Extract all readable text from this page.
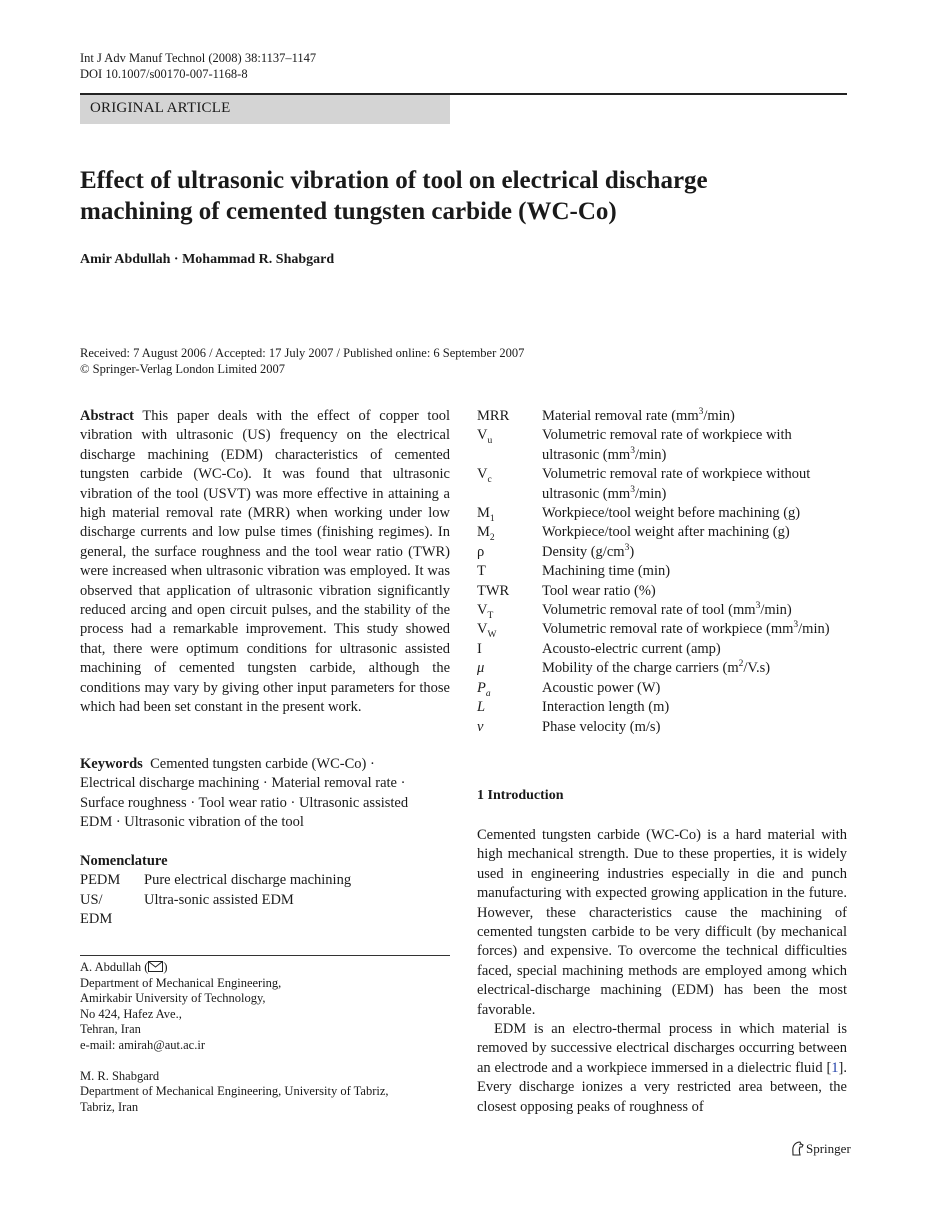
Int J Adv Manuf Technol (2008) 38:1137–1147
DOI 10.1007/s00170-007-1168-8
ORIGINAL ARTICLE
Effect of ultrasonic vibration of tool on electrical discharge
machining of cemented tungsten carbide (WC-Co)
Amir Abdullah · Mohammad R. Shabgard
Received: 7 August 2006 / Accepted: 17 July 2007 / Published online: 6 September 2007
© Springer-Verlag London Limited 2007
Abstract This paper deals with the effect of copper tool vibration with ultrasonic (US) frequency on the electrical discharge machining (EDM) characteristics of cemented tungsten carbide (WC-Co). It was found that ultrasonic vibration of the tool (USVT) was more effective in attaining a high material removal rate (MRR) when working under low discharge currents and low pulse times (finishing regimes). In general, the surface roughness and the tool wear ratio (TWR) were increased when ultrasonic vibration was employed. It was observed that application of ultrasonic vibration significantly reduced arcing and open circuit pulses, and the stability of the process had a remarkable improvement. This study showed that, there were optimum conditions for ultrasonic assisted machining of cemented tungsten carbide, although the conditions may vary by giving other input parameters for those which had been set constant in the present work.
Keywords Cemented tungsten carbide (WC-Co) ·
Electrical discharge machining · Material removal rate ·
Surface roughness · Tool wear ratio · Ultrasonic assisted
EDM · Ultrasonic vibration of the tool
Nomenclature
PEDM	Pure electrical discharge machining
US/	Ultra-sonic assisted EDM
EDM	

A. Abdullah ( )

Department of Mechanical Engineering,

Amirkabir University of Technology,

No 424, Hafez Ave.,

Tehran, Iran

e-mail: amirah@aut.ac.ir

M. R. Shabgard

Department of Mechanical Engineering, University of Tabriz,

Tabriz, Iran

MRR	Material removal rate $(mm^3/\min)$
$V_u$	Volumetric removal rate of workpiece with
ultrasonic $(mm^3/\min)$

$V_c$	Volumetric removal rate of workpiece without
ultrasonic $(mm^3/\min)$

$M_1$	Workpiece/tool weight before machining (g)
$M_2$	Workpiece/tool weight after machining (g)
ρ	Density $(g/cm^3)$
T	Machining time (min)
TWR	Tool wear ratio (%)
$V_T$	Volumetric removal rate of tool $(mm^3/\min)$
$V_W$	Volumetric removal rate of workpiece $(mm^3/\min)$
I	Acousto-electric current (amp)
μ	Mobility of the charge carriers $(m^2/V.s)$
$P_a$	Acoustic power (W)
L	Interaction length (m)
ν	Phase velocity (m/s)
1 Introduction

Cemented tungsten carbide (WC-Co) is a hard material with high mechanical strength. Due to these properties, it is widely used in engineering industries especially in die and punch manufacturing with expected growing application in the future. However, these characteristics cause the machining of cemented tungsten carbide to be very difficult (by mechanical forces) and expensive. To overcome the technical difficulties faced, special machining methods are employed among which electrical-discharge machining (EDM) has been the most favorable.

EDM is an electro-thermal process in which material is removed by successive electrical discharges occurring between an electrode and a workpiece immersed in a dielectric fluid [1]. Every discharge ionizes a very restricted area between, the closest opposing peaks of roughness of

Springer
